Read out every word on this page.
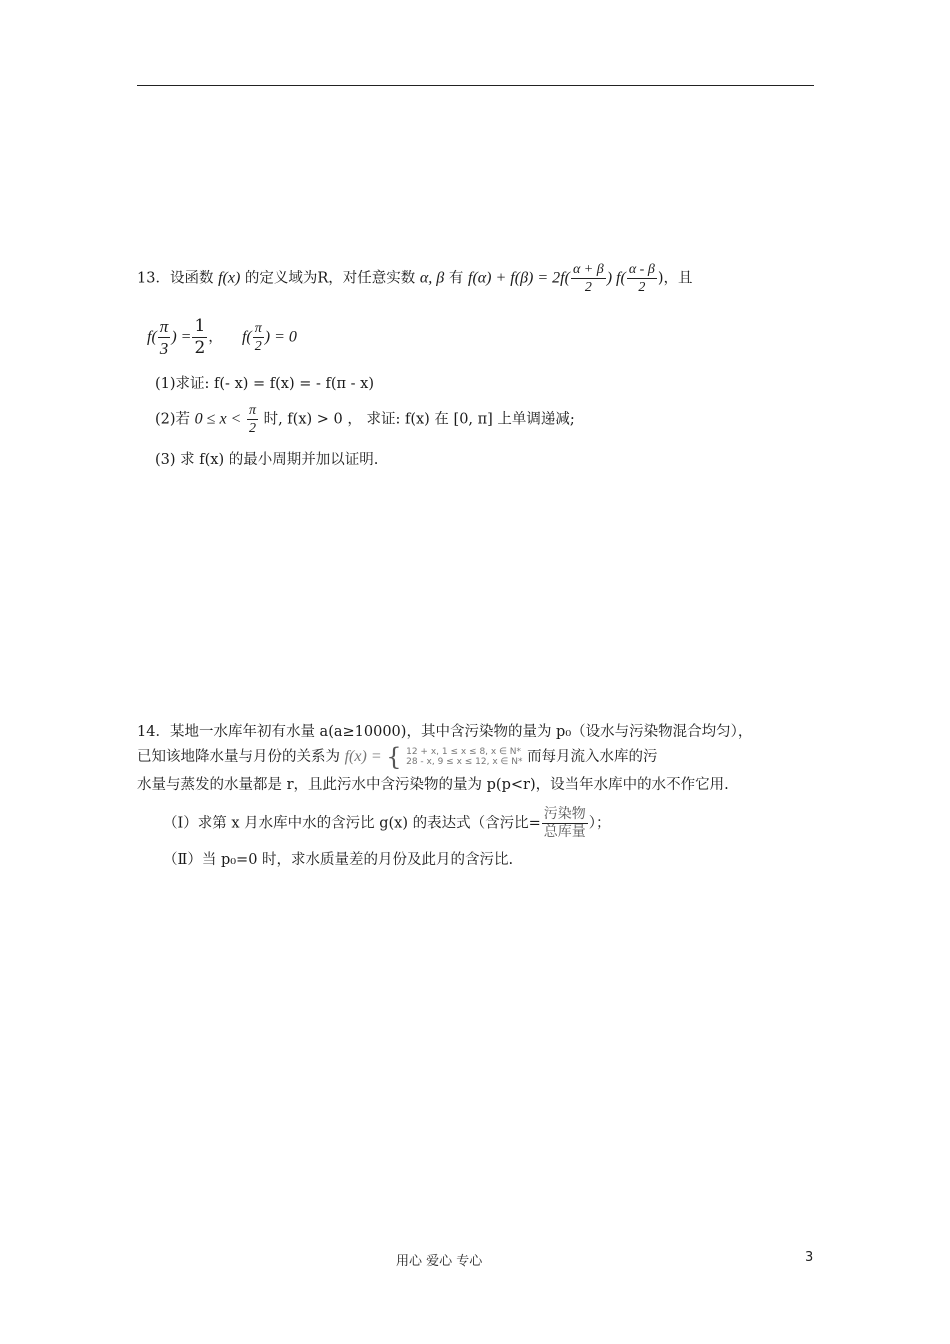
13．设函数 f(x) 的定义域为R，对任意实数 α, β 有 $f(\alpha) + f(\beta) = 2f( \frac{\alpha + \beta}{2}$ ) $f( \frac{\alpha - \beta}{2}$ )，且
$f( \frac{\pi}{3}$ ) = $\frac{1}{2}$ ， $f( \frac{\pi}{2}$ ) = 0
(1)求证: f(- x) = f(x) = - f(π - x)
(2)若 $0 \le x < \frac{\pi}{2}$ 时, f(x) > 0 ， 求证: f(x) 在 [0, π] 上单调递减;
(3) 求 f(x) 的最小周期并加以证明.
14．某地一水库年初有水量 a(a≥10000)，其中含污染物的量为 p₀（设水与污染物混合均匀），
已知该地降水量与月份的关系为 f(x) = { 12 + x, 1 ≤ x ≤ 8, x ∈ N*
28 - x, 9 ≤ x ≤ 12, x ∈ N* 而每月流入水库的污
水量与蒸发的水量都是 r，且此污水中含污染物的量为 p(p<r)，设当年水库中的水不作它用.
（Ⅰ）求第 x 月水库中水的含污比 g(x) 的表达式（含污比= $\frac{\text{污染物}}{\text{总库量}}$ ）；
（Ⅱ）当 p₀=0 时，求水质量差的月份及此月的含污比.
用心 爱心 专心	3
